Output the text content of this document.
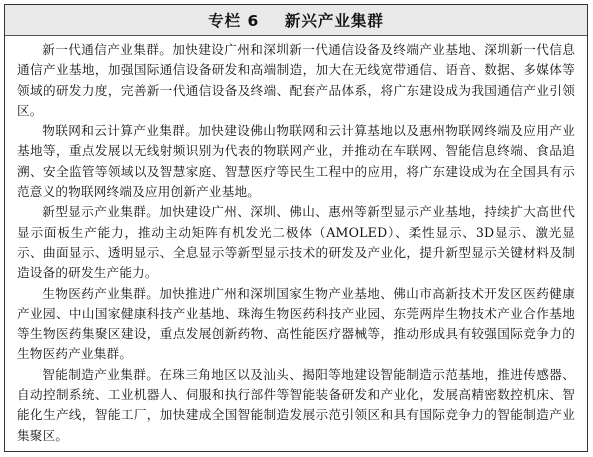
专栏 6    新兴产业集群

新一代通信产业集群。加快建设广州和深圳新一代通信设备及终端产业基地、深圳新一代信息通信产业基地，加强国际通信设备研发和高端制造，加大在无线宽带通信、语音、数据、多媒体等领域的研发力度，完善新一代通信设备及终端、配套产品体系，将广东建设成为我国通信产业引领区。

物联网和云计算产业集群。加快建设佛山物联网和云计算基地以及惠州物联网终端及应用产业基地等，重点发展以无线射频识别为代表的物联网产业，并推动在车联网、智能信息终端、食品追溯、安全监管等领域以及智慧家庭、智慧医疗等民生工程中的应用，将广东建设成为在全国具有示范意义的物联网终端及应用创新产业基地。

新型显示产业集群。加快建设广州、深圳、佛山、惠州等新型显示产业基地，持续扩大高世代显示面板生产能力，推动主动矩阵有机发光二极体（AMOLED）、柔性显示、3D显示、激光显示、曲面显示、透明显示、全息显示等新型显示技术的研发及产业化，提升新型显示关键材料及制造设备的研发生产能力。

生物医药产业集群。加快推进广州和深圳国家生物产业基地、佛山市高新技术开发区医药健康产业园、中山国家健康科技产业基地、珠海生物医药科技产业园、东莞两岸生物技术产业合作基地等生物医药集聚区建设，重点发展创新药物、高性能医疗器械等，推动形成具有较强国际竞争力的生物医药产业集群。

智能制造产业集群。在珠三角地区以及汕头、揭阳等地建设智能制造示范基地，推进传感器、自动控制系统、工业机器人、伺服和执行部件等智能装备研发和产业化，发展高精密数控机床、智能化生产线，智能工厂，加快建成全国智能制造发展示范引领区和具有国际竞争力的智能制造产业集聚区。
